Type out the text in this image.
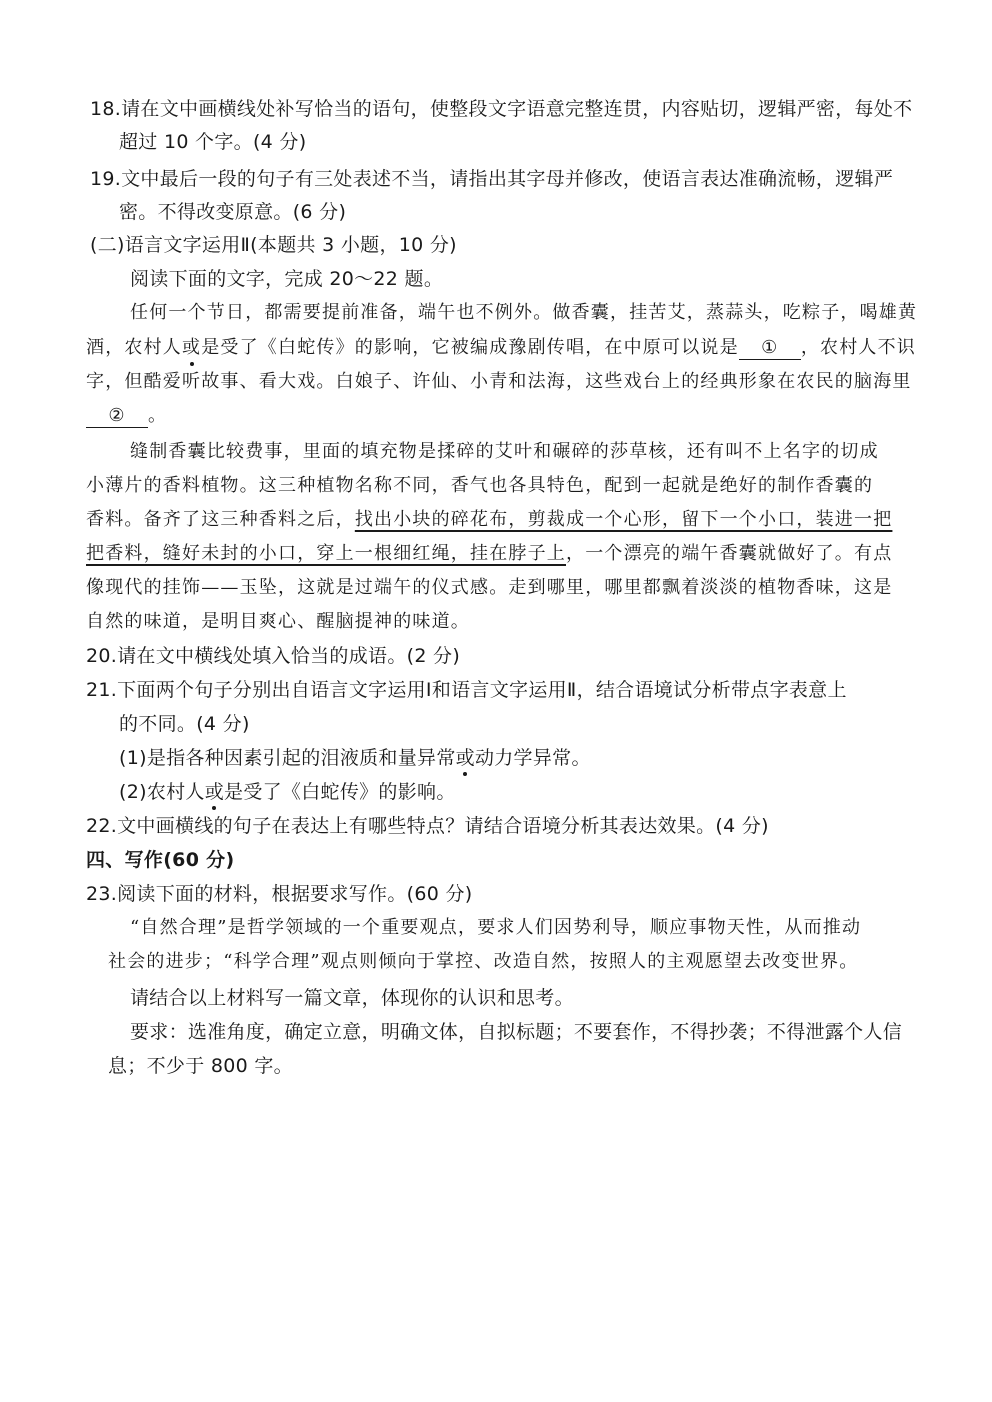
18.请在文中画横线处补写恰当的语句，使整段文字语意完整连贯，内容贴切，逻辑严密，每处不
超过 10 个字。(4 分)
19.文中最后一段的句子有三处表述不当，请指出其字母并修改，使语言表达准确流畅，逻辑严
密。不得改变原意。(6 分)
(二)语言文字运用Ⅱ(本题共 3 小题，10 分)
阅读下面的文字，完成 20～22 题。
任何一个节日，都需要提前准备，端午也不例外。做香囊，挂苦艾，蒸蒜头，吃粽子，喝雄黄
酒，农村人或是受了《白蛇传》的影响，它被编成豫剧传唱，在中原可以说是 ① ，农村人不识
字，但酷爱听故事、看大戏。白娘子、许仙、小青和法海，这些戏台上的经典形象在农民的脑海里
② 。
缝制香囊比较费事，里面的填充物是揉碎的艾叶和碾碎的莎草核，还有叫不上名字的切成
小薄片的香料植物。这三种植物名称不同，香气也各具特色，配到一起就是绝好的制作香囊的
香料。备齐了这三种香料之后，找出小块的碎花布，剪裁成一个心形，留下一个小口，装进一把
把香料，缝好未封的小口，穿上一根细红绳，挂在脖子上，一个漂亮的端午香囊就做好了。有点
像现代的挂饰——玉坠，这就是过端午的仪式感。走到哪里，哪里都飘着淡淡的植物香味，这是
自然的味道，是明目爽心、醒脑提神的味道。
20.请在文中横线处填入恰当的成语。(2 分)
21.下面两个句子分别出自语言文字运用Ⅰ和语言文字运用Ⅱ，结合语境试分析带点字表意上
的不同。(4 分)
(1)是指各种因素引起的泪液质和量异常或动力学异常。
(2)农村人或是受了《白蛇传》的影响。
22.文中画横线的句子在表达上有哪些特点？请结合语境分析其表达效果。(4 分)
四、写作(60 分)
23.阅读下面的材料，根据要求写作。(60 分)
“自然合理”是哲学领域的一个重要观点，要求人们因势利导，顺应事物天性，从而推动
社会的进步；“科学合理”观点则倾向于掌控、改造自然，按照人的主观愿望去改变世界。
请结合以上材料写一篇文章，体现你的认识和思考。
要求：选准角度，确定立意，明确文体，自拟标题；不要套作，不得抄袭；不得泄露个人信
息；不少于 800 字。
